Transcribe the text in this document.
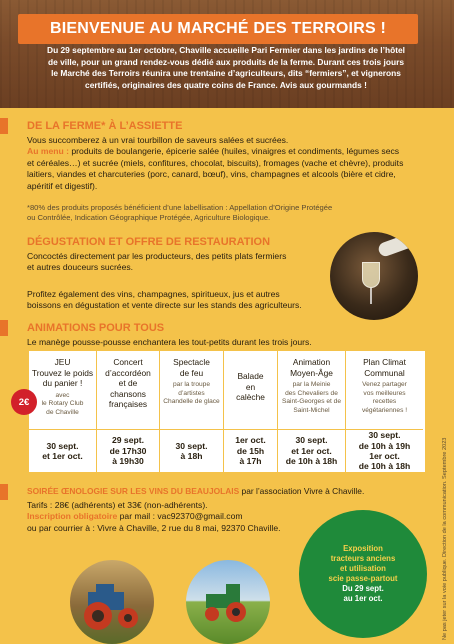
BIENVENUE AU MARCHÉ DES TERROIRS !
Du 29 septembre au 1er octobre, Chaville accueille Pari Fermier dans les jardins de l’hôtel
de ville, pour un grand rendez-vous dédié aux produits de la ferme. Durant ces trois jours
le Marché des Terroirs réunira une trentaine d’agriculteurs, dits “fermiers”, et vignerons
certifiés, originaires des quatre coins de France. Avis aux gourmands !
DE LA FERME* À L’ASSIETTE
Vous succomberez à un vrai tourbillon de saveurs salées et sucrées.
Au menu : produits de boulangerie, épicerie salée (huiles, vinaigres et condiments, légumes secs
et céréales…) et sucrée (miels, confitures, chocolat, biscuits), fromages (vache et chèvre), produits
laitiers, viandes et charcuteries (porc, canard, bœuf), vins, champagnes et alcools (bière et cidre,
apéritif et digestif).
*80% des produits proposés bénéficient d’une labellisation : Appellation d’Origine Protégée
ou Contrôlée, Indication Géographique Protégée, Agriculture Biologique.
DÉGUSTATION ET OFFRE DE RESTAURATION
Concoctés directement par les producteurs, des petits plats fermiers
et autres douceurs sucrées.
Profitez également des vins, champagnes, spiritueux, jus et autres
boissons en dégustation et vente directe sur les stands des agriculteurs.
ANIMATIONS POUR TOUS
Le manège pousse-pousse enchantera les tout-petits durant les trois jours.
JEU
Trouvez le poids
du panier !
avec
le Rotary Club
de Chaville
30 sept.
et 1er oct.
Concert
d’accordéon
et de
chansons
françaises
29 sept.
de 17h30
à 19h30
Spectacle
de feu
par la troupe
d’artistes
Chandelle de glace
30 sept.
à 18h
Balade
en
calèche
1er oct.
de 15h
à 17h
Animation
Moyen-Âge
par la Meinie
des Chevaliers de
Saint-Georges et de
Saint-Michel
30 sept.
et 1er oct.
de 10h à 18h
Plan Climat
Communal
Venez partager
vos meilleures
recettes
végétariennes !
30 sept.
de 10h à 19h
1er oct.
de 10h à 18h
2€
SOIRÉE ŒNOLOGIE SUR LES VINS DU BEAUJOLAIS par l’association Vivre à Chaville.
Tarifs : 28€ (adhérents) et 33€ (non-adhérents).
Inscription obligatoire par mail : vac92370@gmail.com
ou par courrier à : Vivre à Chaville, 2 rue du 8 mai, 92370 Chaville.
Exposition
tracteurs anciens
et utilisation
scie passe-partout
Du 29 sept.
au 1er oct.	Ne pas jeter sur la voie publique. Direction de la communication. Septembre 2023
